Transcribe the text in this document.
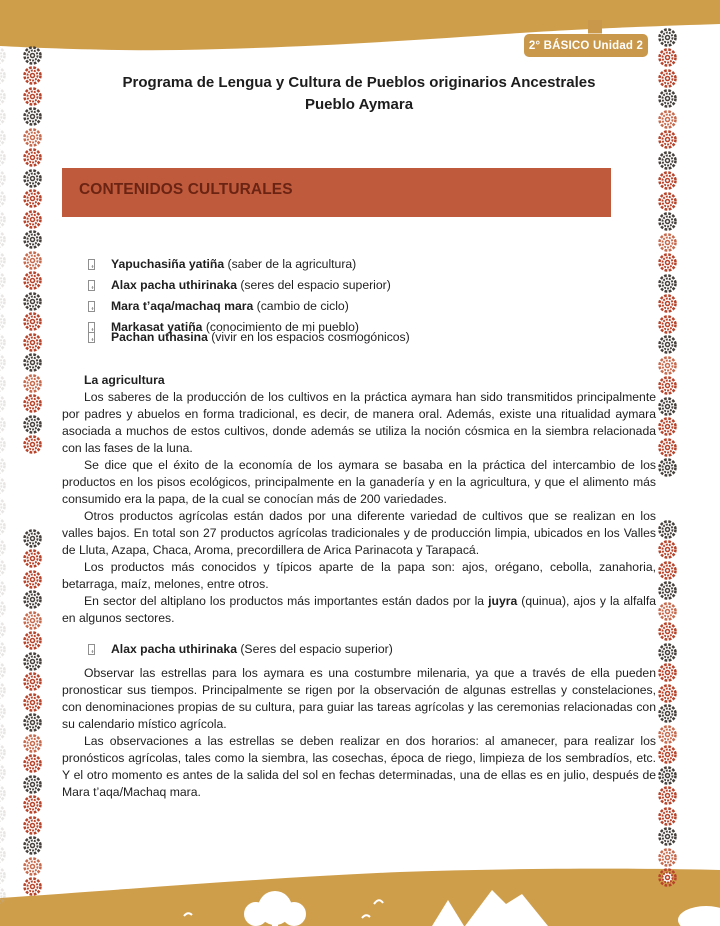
2° BÁSICO Unidad 2
Programa de Lengua y Cultura de Pueblos originarios Ancestrales
Pueblo Aymara
CONTENIDOS CULTURALES
Yapuchasiña yatiña (saber de la agricultura)
Alax pacha uthirinaka (seres del espacio superior)
Mara t’aqa/machaq mara (cambio de ciclo)
Markasat yatiña (conocimiento de mi pueblo)
Pachan uthasina (vivir en los espacios cosmogónicos)
La agricultura

Los saberes de la producción de los cultivos en la práctica aymara han sido transmitidos principalmente por padres y abuelos en forma tradicional, es decir, de manera oral. Además, existe una ritualidad aymara asociada a muchos de estos cultivos, donde además se utiliza la noción cósmica en la siembra relacionada con las fases de la luna.

Se dice que el éxito de la economía de los aymara se basaba en la práctica del intercambio de los productos en los pisos ecológicos, principalmente en la ganadería y en la agricultura, y que el alimento más consumido era la papa, de la cual se conocían más de 200 variedades.

Otros productos agrícolas están dados por una diferente variedad de cultivos que se realizan en los valles bajos. En total son 27 productos agrícolas tradicionales y de producción limpia, ubicados en los Valles de Lluta, Azapa, Chaca, Aroma, precordillera de Arica Parinacota y Tarapacá.

Los productos más conocidos y típicos aparte de la papa son: ajos, orégano, cebolla, zanahoria, betarraga, maíz, melones, entre otros.

En sector del altiplano los productos más importantes están dados por la juyra (quinua), ajos y la alfalfa en algunos sectores.

Alax pacha uthirinaka (Seres del espacio superior)

Observar las estrellas para los aymara es una costumbre milenaria, ya que a través de ella pueden pronosticar sus tiempos. Principalmente se rigen por la observación de algunas estrellas y constelaciones, con denominaciones propias de su cultura, para guiar las tareas agrícolas y las ceremonias relacionadas con su calendario místico agrícola.

Las observaciones a las estrellas se deben realizar en dos horarios: al amanecer, para realizar los pronósticos agrícolas, tales como la siembra, las cosechas, época de riego, limpieza de los sembradíos, etc. Y el otro momento es antes de la salida del sol en fechas determinadas, una de ellas es en julio, después de Mara t’aqa/Machaq mara.
